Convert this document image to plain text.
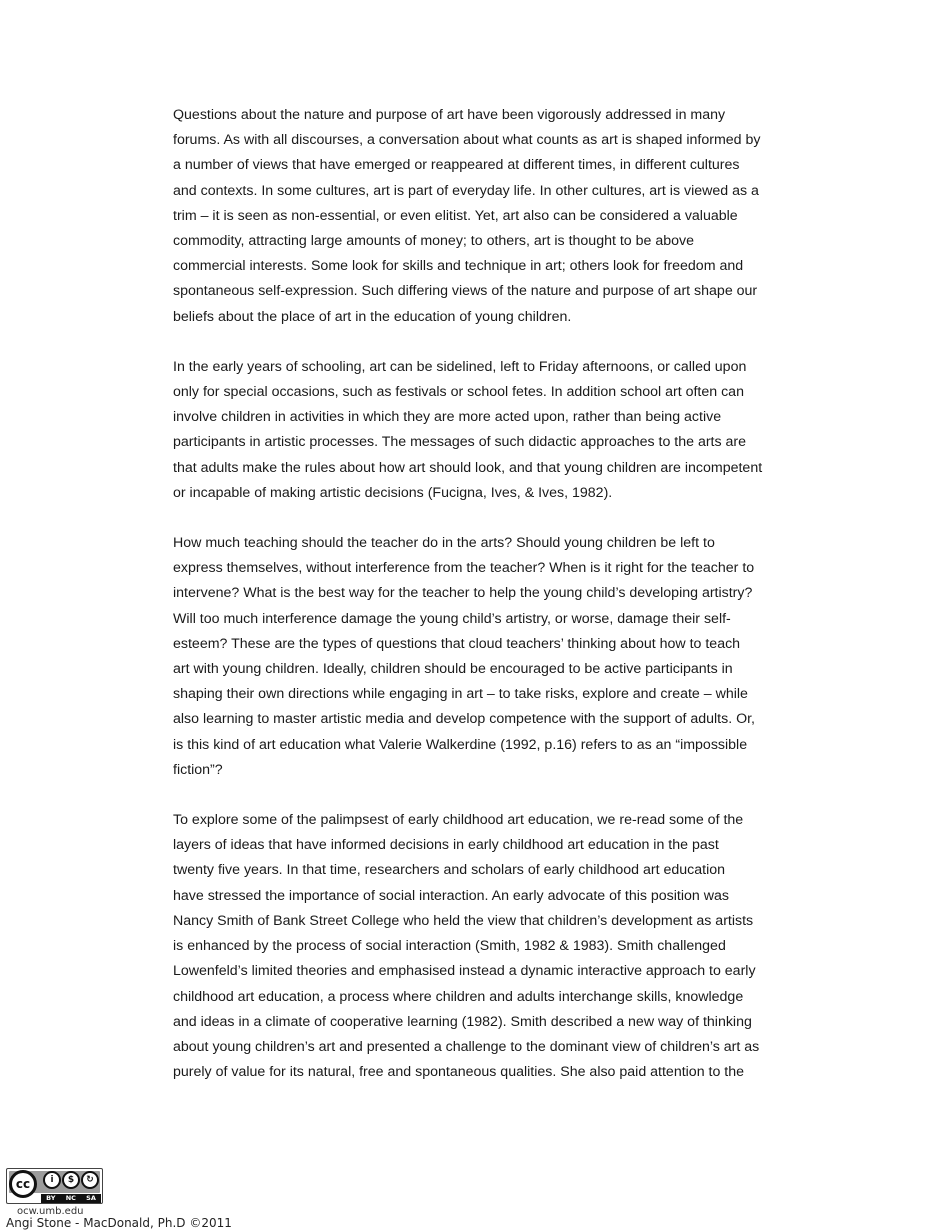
Questions about the nature and purpose of art have been vigorously addressed in many
forums. As with all discourses, a conversation about what counts as art is shaped informed by
a number of views that have emerged or reappeared at different times, in different cultures
and contexts. In some cultures, art is part of everyday life. In other cultures, art is viewed as a
trim – it is seen as non-essential, or even elitist. Yet, art also can be considered a valuable
commodity, attracting large amounts of money; to others, art is thought to be above
commercial interests. Some look for skills and technique in art; others look for freedom and
spontaneous self-expression. Such differing views of the nature and purpose of art shape our
beliefs about the place of art in the education of young children.

In the early years of schooling, art can be sidelined, left to Friday afternoons, or called upon
only for special occasions, such as festivals or school fetes. In addition school art often can
involve children in activities in which they are more acted upon, rather than being active
participants in artistic processes. The messages of such didactic approaches to the arts are
that adults make the rules about how art should look, and that young children are incompetent
or incapable of making artistic decisions (Fucigna, Ives, & Ives, 1982).

How much teaching should the teacher do in the arts? Should young children be left to
express themselves, without interference from the teacher? When is it right for the teacher to
intervene? What is the best way for the teacher to help the young child’s developing artistry?
Will too much interference damage the young child’s artistry, or worse, damage their self-
esteem? These are the types of questions that cloud teachers’ thinking about how to teach
art with young children. Ideally, children should be encouraged to be active participants in
shaping their own directions while engaging in art – to take risks, explore and create – while
also learning to master artistic media and develop competence with the support of adults. Or,
is this kind of art education what Valerie Walkerdine (1992, p.16) refers to as an “impossible
fiction”?

To explore some of the palimpsest of early childhood art education, we re-read some of the
layers of ideas that have informed decisions in early childhood art education in the past
twenty five years. In that time, researchers and scholars of early childhood art education
have stressed the importance of social interaction. An early advocate of this position was
Nancy Smith of Bank Street College who held the view that children’s development as artists
is enhanced by the process of social interaction (Smith, 1982 & 1983). Smith challenged
Lowenfeld’s limited theories and emphasised instead a dynamic interactive approach to early
childhood art education, a process where children and adults interchange skills, knowledge
and ideas in a climate of cooperative learning (1982). Smith described a new way of thinking
about young children’s art and presented a challenge to the dominant view of children’s art as
purely of value for its natural, free and spontaneous qualities. She also paid attention to the

cc	i	$	↻
BY NC SA
ocw.umb.edu
Angi Stone - MacDonald, Ph.D ©2011
